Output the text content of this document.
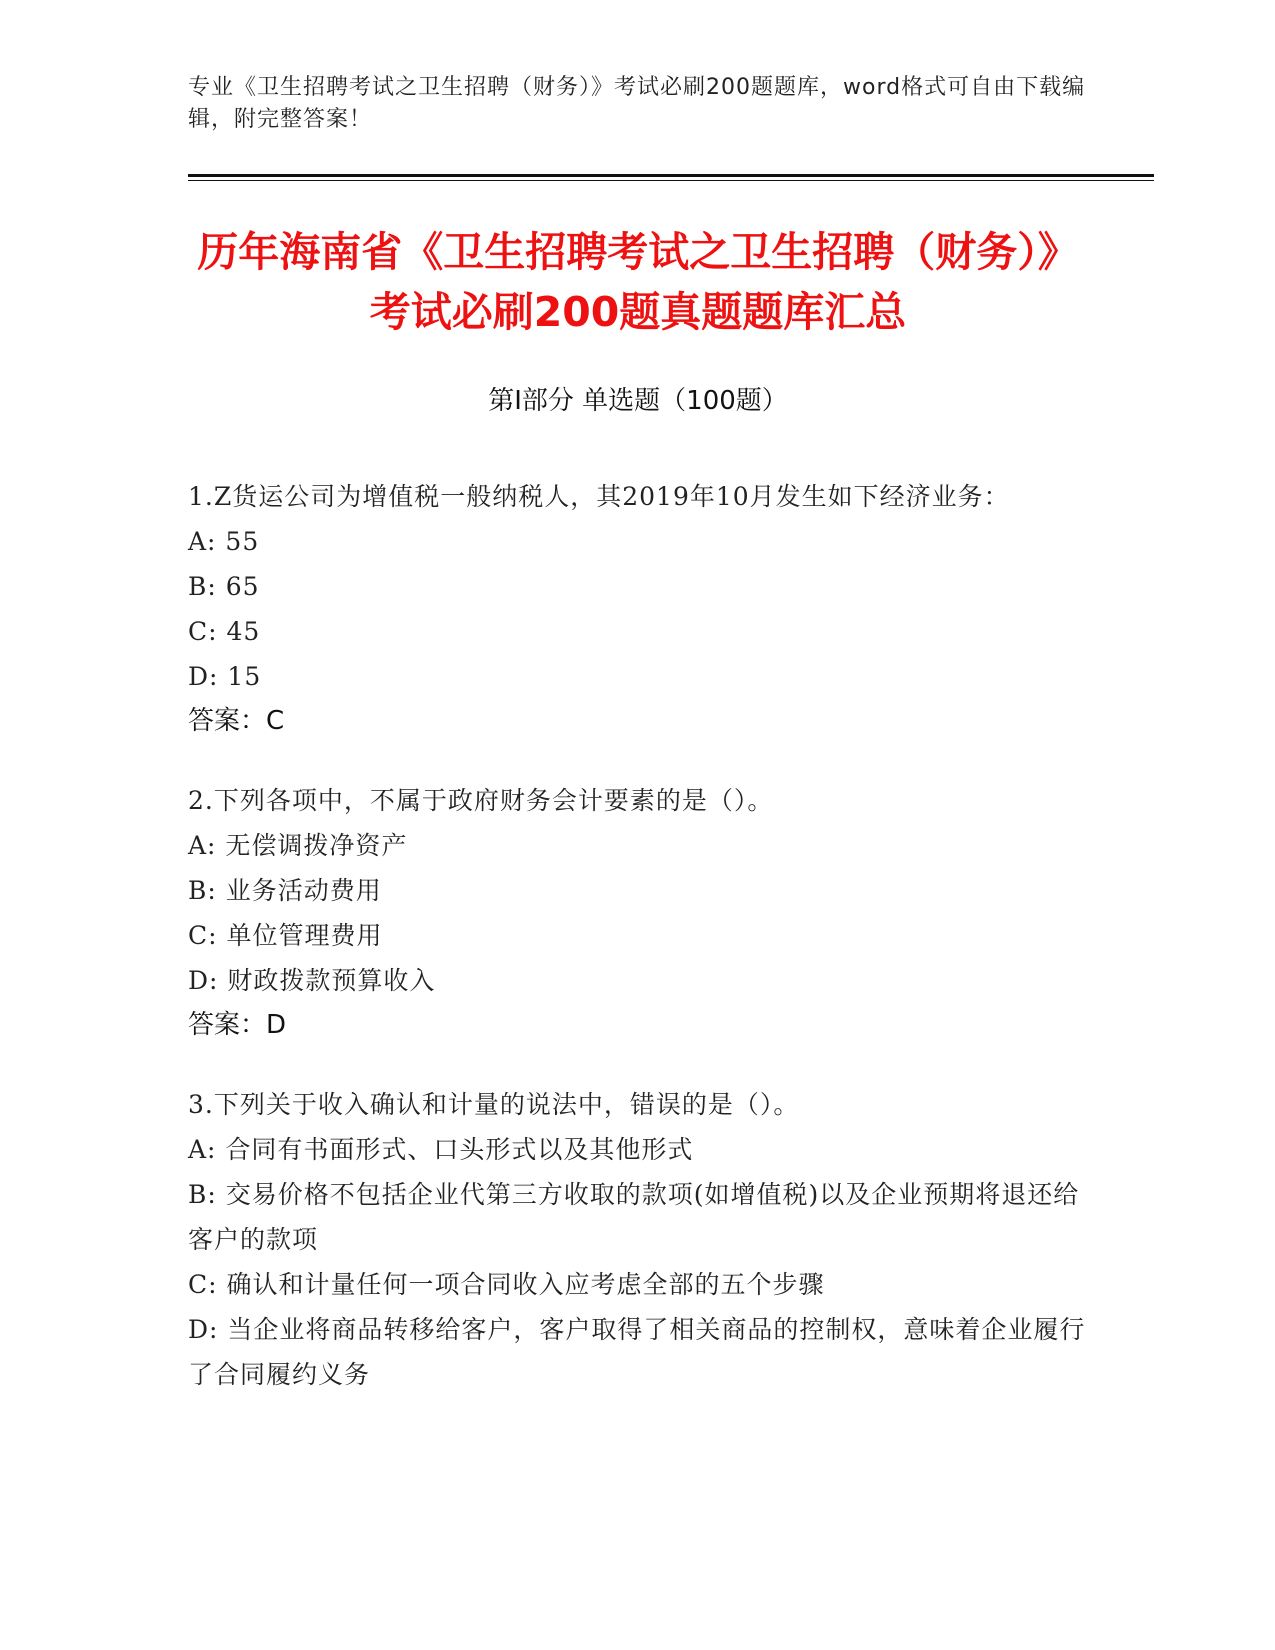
专业《卫生招聘考试之卫生招聘（财务）》考试必刷200题题库，word格式可自由下载编辑，附完整答案！
历年海南省《卫生招聘考试之卫生招聘（财务）》考试必刷200题真题题库汇总
第Ⅰ部分 单选题（100题）
1.Z货运公司为增值税一般纳税人，其2019年10月发生如下经济业务：
A: 55
B: 65
C: 45
D: 15
答案：C
2.下列各项中，不属于政府财务会计要素的是（）。
A: 无偿调拨净资产
B: 业务活动费用
C: 单位管理费用
D: 财政拨款预算收入
答案：D
3.下列关于收入确认和计量的说法中，错误的是（）。
A: 合同有书面形式、口头形式以及其他形式
B: 交易价格不包括企业代第三方收取的款项(如增值税)以及企业预期将退还给客户的款项
C: 确认和计量任何一项合同收入应考虑全部的五个步骤
D: 当企业将商品转移给客户，客户取得了相关商品的控制权，意味着企业履行了合同履约义务
